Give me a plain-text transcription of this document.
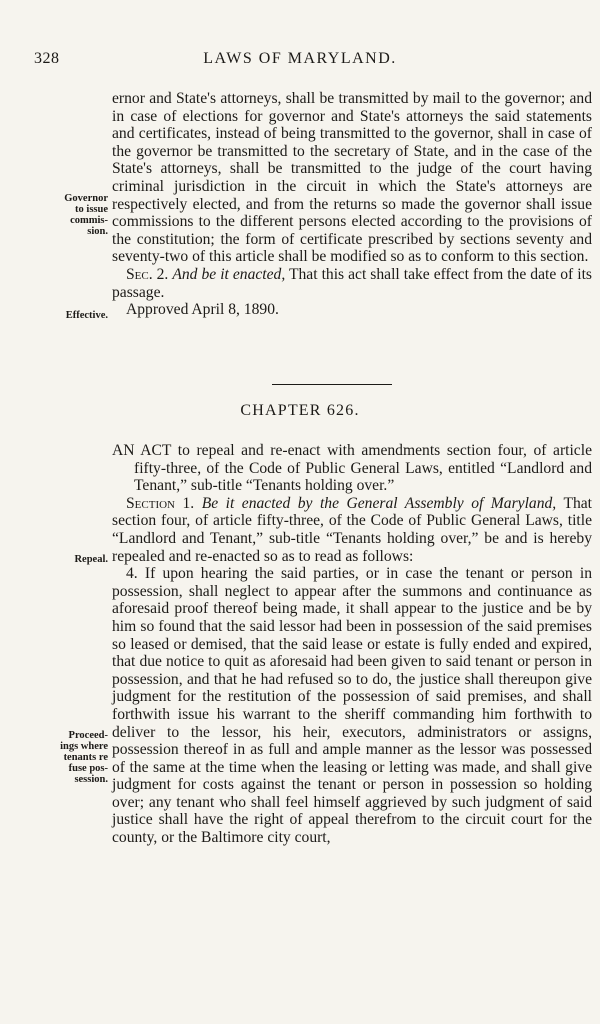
328	LAWS OF MARYLAND.

ernor and State's attorneys, shall be transmitted by mail to the governor; and in case of elections for governor and State's attorneys the said statements and certificates, instead of being transmitted to the governor, shall in case of the governor be transmitted to the secretary of State, and in the case of the State's attorneys, shall be transmitted to the judge of the court having criminal jurisdiction in the circuit in which the State's attorneys are respectively elected, and from the returns so made the governor shall issue commissions to the different persons elected according to the provisions of the constitution; the form of certificate prescribed by sections seventy and seventy-two of this article shall be modified so as to conform to this section.

Sec. 2. And be it enacted, That this act shall take effect from the date of its passage.

Approved April 8, 1890.

Governor
to issue
commis-
sion.
Effective.
CHAPTER 626.

AN ACT to repeal and re-enact with amendments section four, of article fifty-three, of the Code of Public General Laws, entitled “Landlord and Tenant,” sub-title “Tenants holding over.”

Section 1. Be it enacted by the General Assembly of Maryland, That section four, of article fifty-three, of the Code of Public General Laws, title “Landlord and Tenant,” sub-title “Tenants holding over,” be and is hereby repealed and re-enacted so as to read as follows:

4. If upon hearing the said parties, or in case the tenant or person in possession, shall neglect to appear after the summons and continuance as aforesaid proof thereof being made, it shall appear to the justice and be by him so found that the said lessor had been in possession of the said premises so leased or demised, that the said lease or estate is fully ended and expired, that due notice to quit as aforesaid had been given to said tenant or person in possession, and that he had refused so to do, the justice shall thereupon give judgment for the restitution of the possession of said premises, and shall forthwith issue his warrant to the sheriff commanding him forthwith to deliver to the lessor, his heir, executors, administrators or assigns, possession thereof in as full and ample manner as the lessor was possessed of the same at the time when the leasing or letting was made, and shall give judgment for costs against the tenant or person in possession so holding over; any tenant who shall feel himself aggrieved by such judgment of said justice shall have the right of appeal therefrom to the circuit court for the county, or the Baltimore city court,

Repeal.
Proceed-
ings where
tenants re
fuse pos-
session.
